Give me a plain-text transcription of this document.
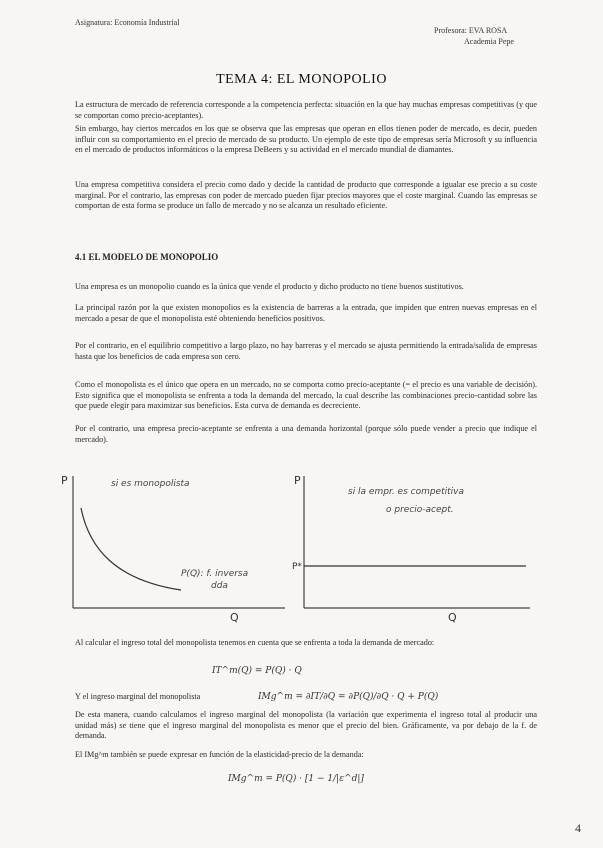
Asignatura: Economía Industrial
Profesora: EVA ROSA
Academia Pepe
TEMA 4: EL MONOPOLIO
La estructura de mercado de referencia corresponde a la competencia perfecta: situación en la que hay muchas empresas competitivas (y que se comportan como precio-aceptantes).
Sin embargo, hay ciertos mercados en los que se observa que las empresas que operan en ellos tienen poder de mercado, es decir, pueden influir con su comportamiento en el precio de mercado de su producto. Un ejemplo de este tipo de empresas sería Microsoft y su influencia en el mercado de productos informáticos o la empresa DeBeers y su actividad en el mercado mundial de diamantes.
Una empresa competitiva considera el precio como dado y decide la cantidad de producto que corresponde a igualar ese precio a su coste marginal. Por el contrario, las empresas con poder de mercado pueden fijar precios mayores que el coste marginal. Cuando las empresas se comportan de esta forma se produce un fallo de mercado y no se alcanza un resultado eficiente.
4.1 EL MODELO DE MONOPOLIO
Una empresa es un monopolio cuando es la única que vende el producto y dicho producto no tiene buenos sustitutivos.
La principal razón por la que existen monopolios es la existencia de barreras a la entrada, que impiden que entren nuevas empresas en el mercado a pesar de que el monopolista esté obteniendo beneficios positivos.
Por el contrario, en el equilibrio competitivo a largo plazo, no hay barreras y el mercado se ajusta permitiendo la entrada/salida de empresas hasta que los beneficios de cada empresa son cero.
Como el monopolista es el único que opera en un mercado, no se comporta como precio-aceptante (= el precio es una variable de decisión). Esto significa que el monopolista se enfrenta a toda la demanda del mercado, la cual describe las combinaciones precio-cantidad sobre las que puede elegir para maximizar sus beneficios. Esta curva de demanda es decreciente.
Por el contrario, una empresa precio-aceptante se enfrenta a una demanda horizontal (porque sólo puede vender a precio que indique el mercado).
P
Q
si es monopolista
P(Q): f. inversa
dda
P
Q
P*
si la empr. es competitiva
o precio-acept.
Al calcular el ingreso total del monopolista tenemos en cuenta que se enfrenta a toda la demanda de mercado:
IT^m(Q) = P(Q) · Q
Y el ingreso marginal del monopolista	IMg^m = ∂IT/∂Q = ∂P(Q)/∂Q · Q + P(Q)
De esta manera, cuando calculamos el ingreso marginal del monopolista (la variación que experimenta el ingreso total al producir una unidad más) se tiene que el ingreso marginal del monopolista es menor que el precio del bien. Gráficamente, va por debajo de la f. de demanda.
El IMg^m también se puede expresar en función de la elasticidad-precio de la demanda:
IMg^m = P(Q) · [1 − 1/|ε^d|]
4
